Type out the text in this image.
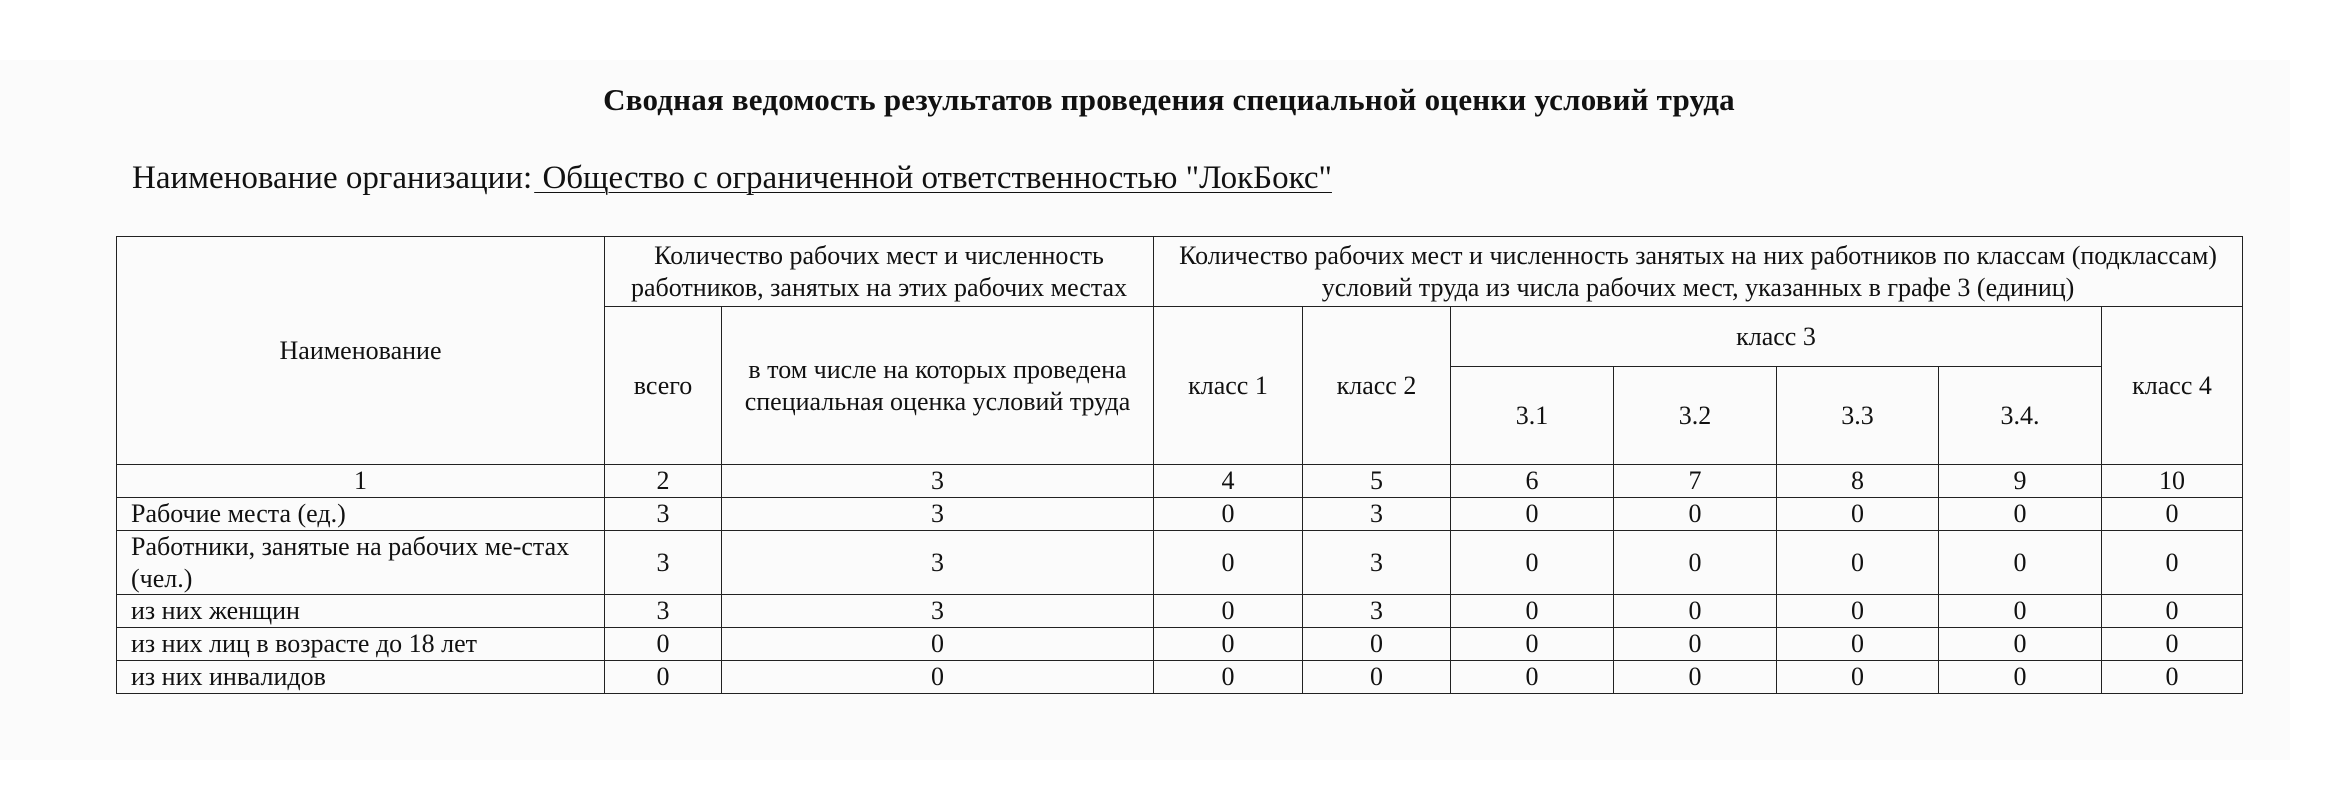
Сводная ведомость результатов проведения специальной оценки условий труда
Наименование организации: Общество с ограниченной ответственностью "ЛокБокс"
Наименование	Количество рабочих мест и численность работников, занятых на этих рабочих местах		Количество рабочих мест и численность занятых на них работников по классам (подклассам) условий труда из числа рабочих мест, указанных в графе 3 (единиц)						
	всего	в том числе на которых проведена специальная оценка условий труда	класс 1	класс 2	класс 3				класс 4
					3.1	3.2	3.3	3.4.	
1	2	3	4	5	6	7	8	9	10
Рабочие места (ед.)	3	3	0	3	0	0	0	0	0
Работники, занятые на рабочих ме-стах (чел.)	3	3	0	3	0	0	0	0	0
из них женщин	3	3	0	3	0	0	0	0	0
из них лиц в возрасте до 18 лет	0	0	0	0	0	0	0	0	0
из них инвалидов	0	0	0	0	0	0	0	0	0
